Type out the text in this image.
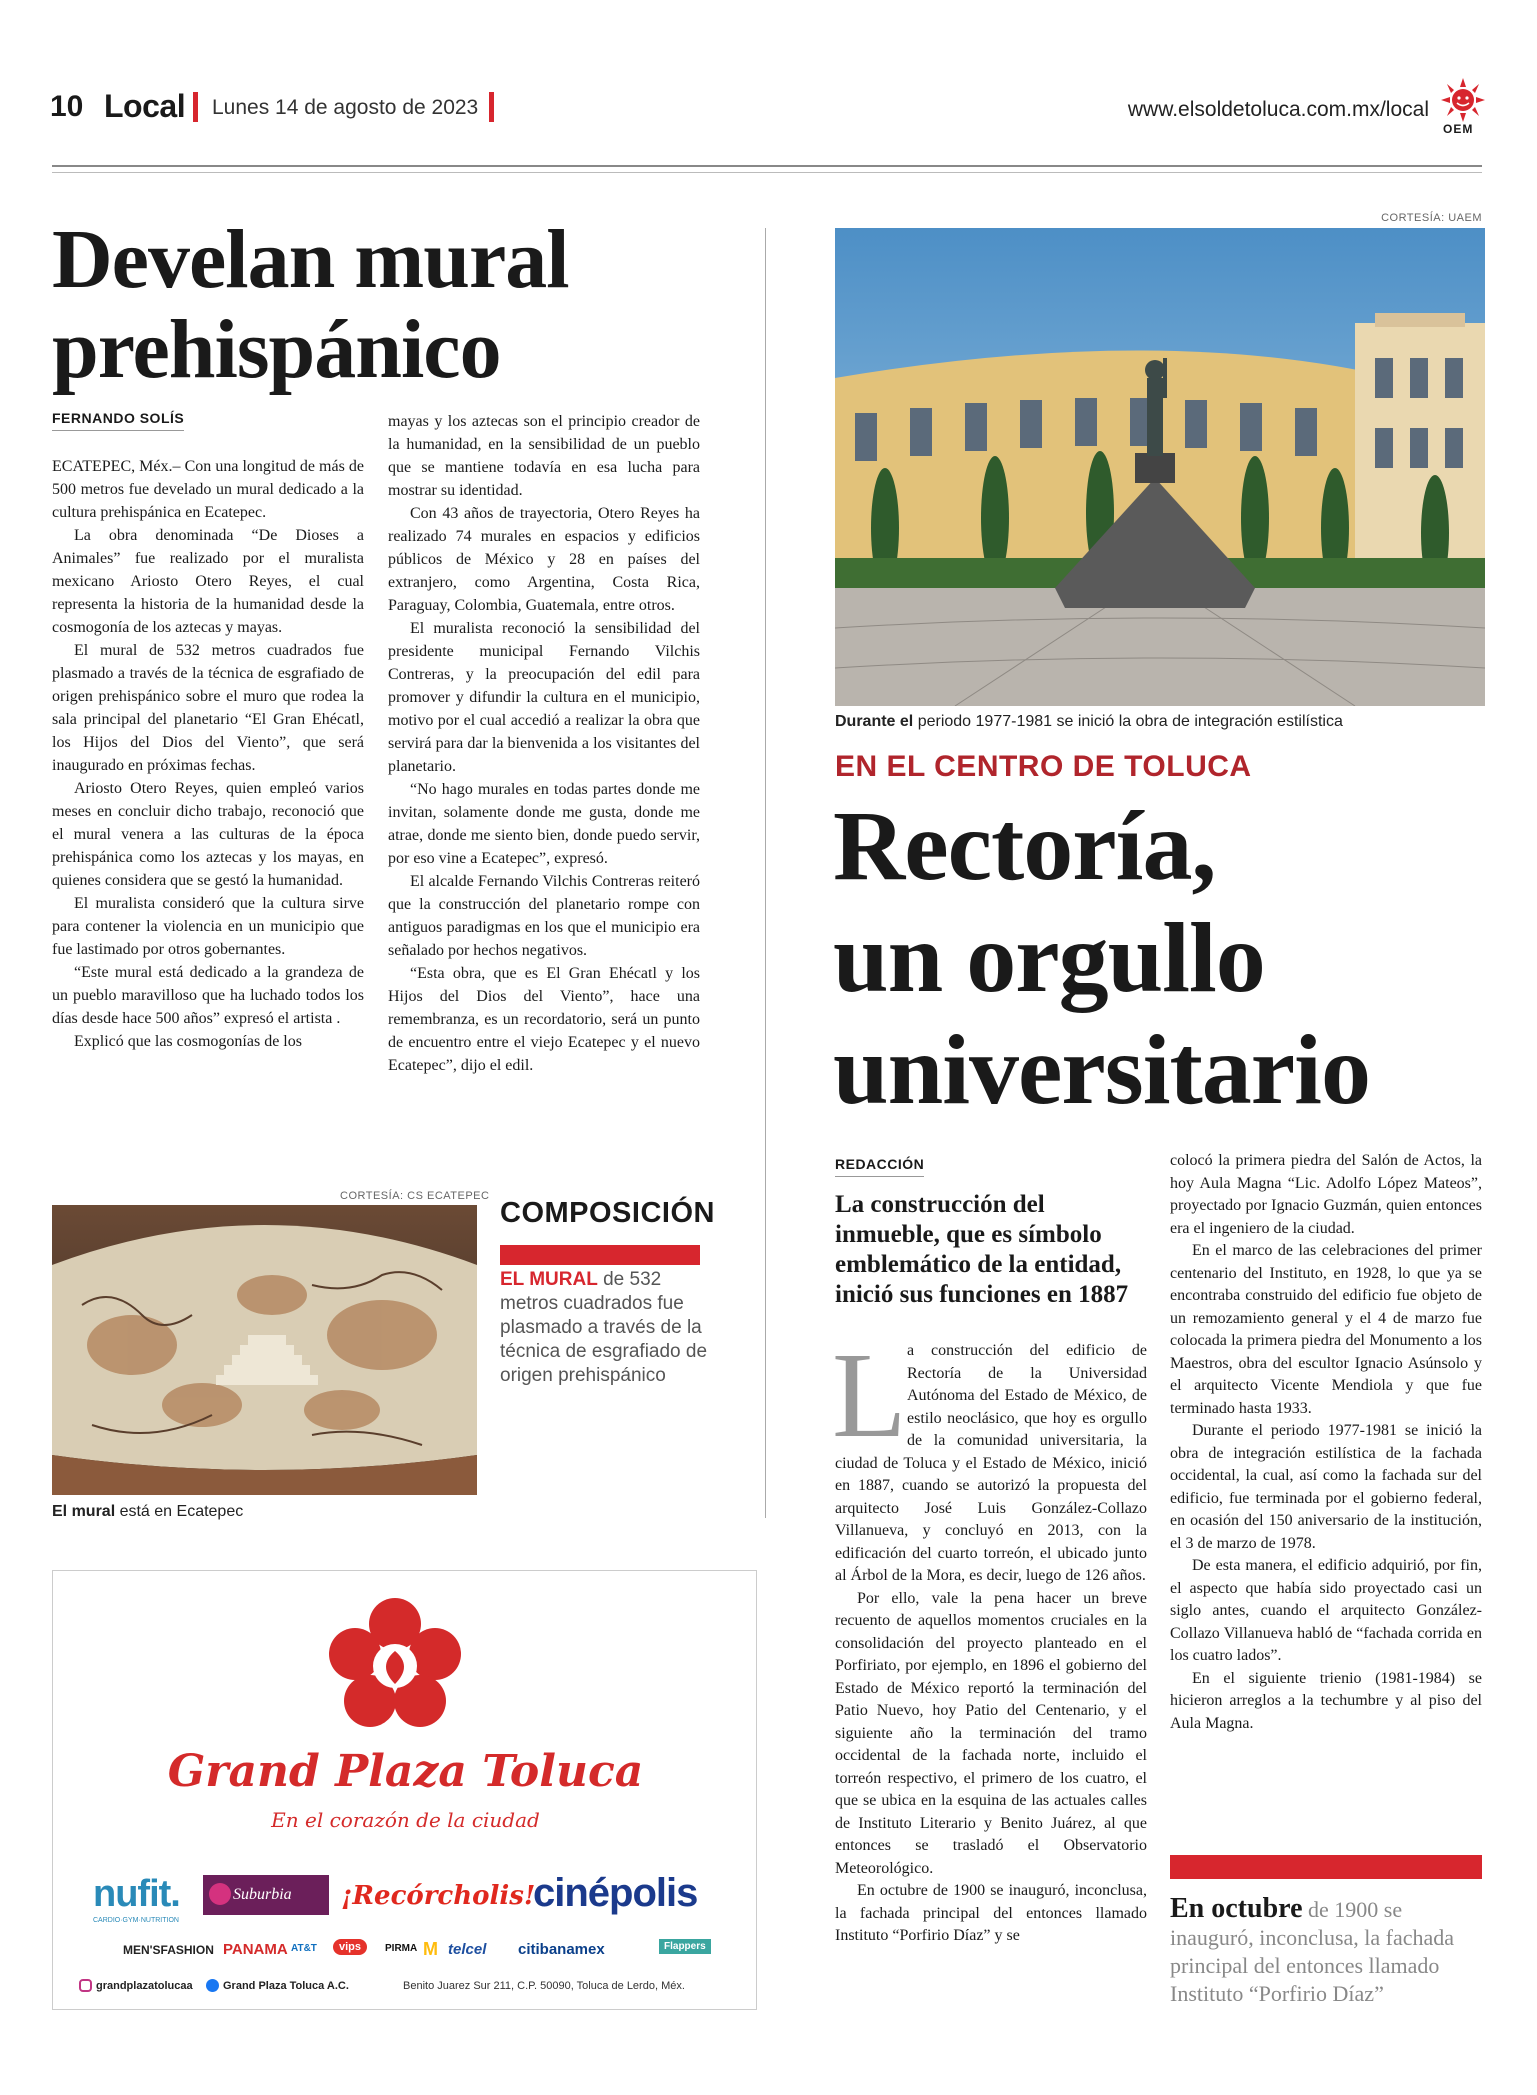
10 Local Lunes 14 de agosto de 2023	www.elsoldetoluca.com.mx/local
OEM
Develan mural prehispánico
FERNANDO SOLÍS

ECATEPEC, Méx.– Con una longitud de más de 500 metros fue develado un mural dedicado a la cultura prehispánica en Ecatepec.

La obra denominada “De Dioses a Animales” fue realizado por el muralista mexicano Ariosto Otero Reyes, el cual representa la historia de la humanidad desde la cosmogonía de los aztecas y mayas.

El mural de 532 metros cuadrados fue plasmado a través de la técnica de esgrafiado de origen prehispánico sobre el muro que rodea la sala principal del planetario “El Gran Ehécatl, los Hijos del Dios del Viento”, que será inaugurado en próximas fechas.

Ariosto Otero Reyes, quien empleó varios meses en concluir dicho trabajo, reconoció que el mural venera a las culturas de la época prehispánica como los aztecas y los mayas, en quienes considera que se gestó la humanidad.

El muralista consideró que la cultura sirve para contener la violencia en un municipio que fue lastimado por otros gobernantes.

“Este mural está dedicado a la grandeza de un pueblo maravilloso que ha luchado todos los días desde hace 500 años” expresó el artista .

Explicó que las cosmogonías de los

mayas y los aztecas son el principio creador de la humanidad, en la sensibilidad de un pueblo que se mantiene todavía en esa lucha para mostrar su identidad.

Con 43 años de trayectoria, Otero Reyes ha realizado 74 murales en espacios y edificios públicos de México y 28 en países del extranjero, como Argentina, Costa Rica, Paraguay, Colombia, Guatemala, entre otros.

El muralista reconoció la sensibilidad del presidente municipal Fernando Vilchis Contreras, y la preocupación del edil para promover y difundir la cultura en el municipio, motivo por el cual accedió a realizar la obra que servirá para dar la bienvenida a los visitantes del planetario.

“No hago murales en todas partes donde me invitan, solamente donde me gusta, donde me atrae, donde me siento bien, donde puedo servir, por eso vine a Ecatepec”, expresó.

El alcalde Fernando Vilchis Contreras reiteró que la construcción del planetario rompe con antiguos paradigmas en los que el municipio era señalado por hechos negativos.

“Esta obra, que es El Gran Ehécatl y los Hijos del Dios del Viento”, hace una remembranza, es un recordatorio, será un punto de encuentro entre el viejo Ecatepec y el nuevo Ecatepec”, dijo el edil.

CORTESÍA: CS ECATEPEC
El mural está en Ecatepec
COMPOSICIÓN
EL MURAL de 532 metros cuadrados fue plasmado a través de la técnica de esgrafiado de origen prehispánico
Grand Plaza Toluca
En el corazón de la ciudad
nufit.
CARDIO·GYM·NUTRITION
Suburbia	¡Recórcholis!
cinépolis
MEN'SFASHION PANAMA AT&T	vips	PIRMA M telcel citibanamex	Flappers
grandplazatolucaa	Grand Plaza Toluca A.C.	Benito Juarez Sur 211, C.P. 50090, Toluca de Lerdo, Méx.
CORTESÍA: UAEM
Durante el periodo 1977-1981 se inició la obra de integración estilística
EN EL CENTRO DE TOLUCA
Rectoría,
un orgullo
universitario
REDACCIÓN
La construcción del inmueble, que es símbolo emblemático de la entidad, inició sus funciones en 1887
L a construcción del edificio de Rectoría de la Universidad Autónoma del Estado de México, de estilo neoclásico, que hoy es orgullo de la comunidad universitaria, la ciudad de Toluca y el Estado de México, inició en 1887, cuando se autorizó la propuesta del arquitecto José Luis González-Collazo Villanueva, y concluyó en 2013, con la edificación del cuarto torreón, el ubicado junto al Árbol de la Mora, es decir, luego de 126 años.

Por ello, vale la pena hacer un breve recuento de aquellos momentos cruciales en la consolidación del proyecto planteado en el Porfiriato, por ejemplo, en 1896 el gobierno del Estado de México reportó la terminación del Patio Nuevo, hoy Patio del Centenario, y el siguiente año la terminación del tramo occidental de la fachada norte, incluido el torreón respectivo, el primero de los cuatro, el que se ubica en la esquina de las actuales calles de Instituto Literario y Benito Juárez, al que entonces se trasladó el Observatorio Meteorológico.

En octubre de 1900 se inauguró, inconclusa, la fachada principal del entonces llamado Instituto “Porfirio Díaz” y se

colocó la primera piedra del Salón de Actos, la hoy Aula Magna “Lic. Adolfo López Mateos”, proyectado por Ignacio Guzmán, quien entonces era el ingeniero de la ciudad.

En el marco de las celebraciones del primer centenario del Instituto, en 1928, lo que ya se encontraba construido del edificio fue objeto de un remozamiento general y el 4 de marzo fue colocada la primera piedra del Monumento a los Maestros, obra del escultor Ignacio Asúnsolo y el arquitecto Vicente Mendiola y que fue terminado hasta 1933.

Durante el periodo 1977-1981 se inició la obra de integración estilística de la fachada occidental, la cual, así como la fachada sur del edificio, fue terminada por el gobierno federal, en ocasión del 150 aniversario de la institución, el 3 de marzo de 1978.

De esta manera, el edificio adquirió, por fin, el aspecto que había sido proyectado casi un siglo antes, cuando el arquitecto González-Collazo Villanueva habló de “fachada corrida en los cuatro lados”.

En el siguiente trienio (1981-1984) se hicieron arreglos a la techumbre y al piso del Aula Magna.

En octubre de 1900 se inauguró, inconclusa, la fachada principal del entonces llamado Instituto “Porfirio Díaz”
